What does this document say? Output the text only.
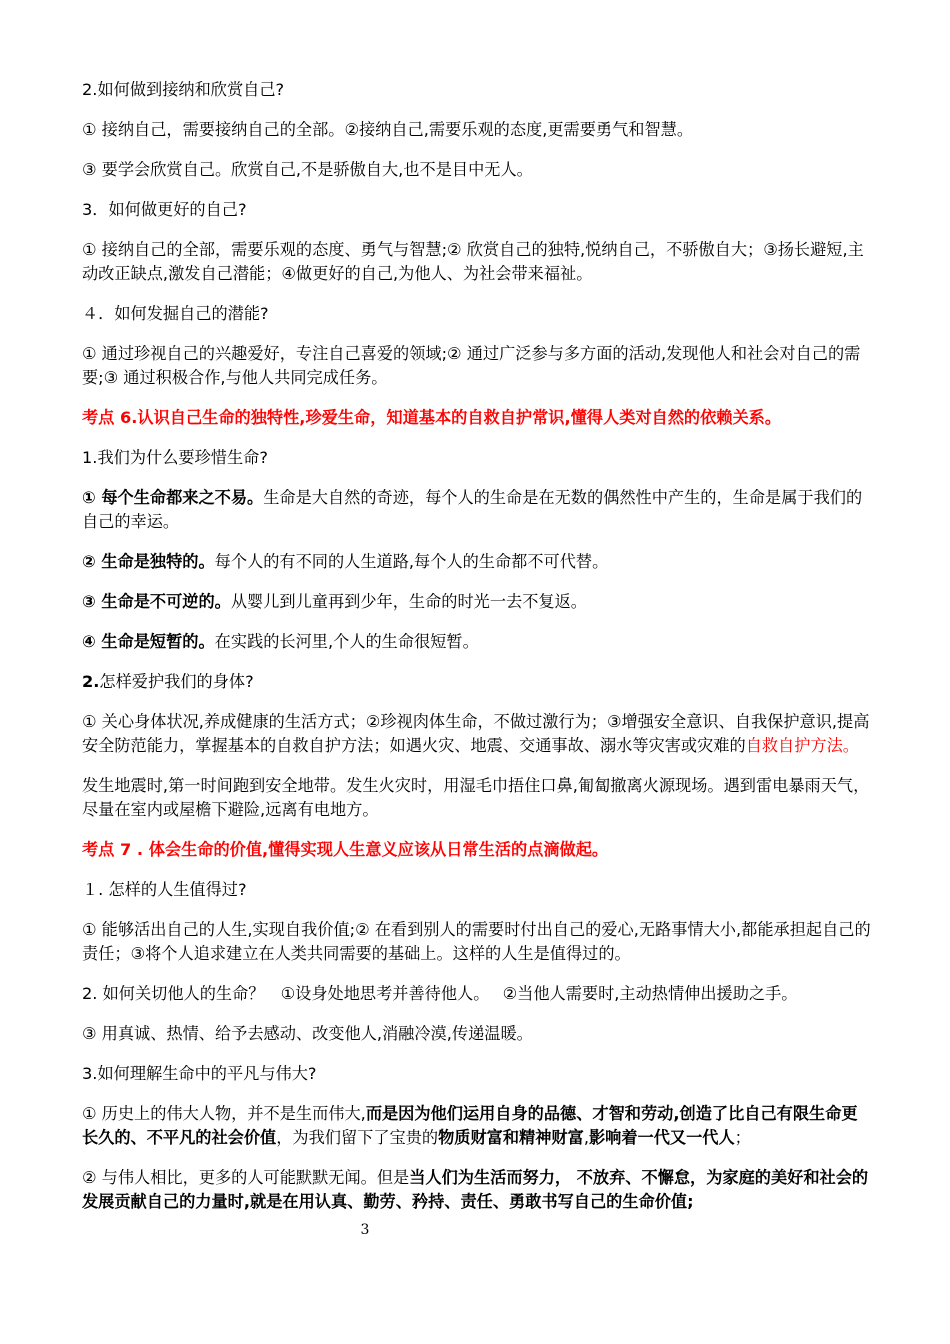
2.如何做到接纳和欣赏自己?

① 接纳自己，需要接纳自己的全部。②接纳自己,需要乐观的态度,更需要勇气和智慧。

③ 要学会欣赏自己。欣赏自己,不是骄傲自大,也不是目中无人。

3．如何做更好的自己?

① 接纳自己的全部，需要乐观的态度、勇气与智慧;② 欣赏自己的独特,悦纳自己，不骄傲自大；③扬长避短,主动改正缺点,激发自己潜能；④做更好的自己,为他人、为社会带来福祉。

４．如何发掘自己的潜能?

① 通过珍视自己的兴趣爱好，专注自己喜爱的领域;② 通过广泛参与多方面的活动,发现他人和社会对自己的需要;③ 通过积极合作,与他人共同完成任务。

考点 6.认识自己生命的独特性,珍爱生命，知道基本的自救自护常识,懂得人类对自然的依赖关系。

1.我们为什么要珍惜生命?

① 每个生命都来之不易。生命是大自然的奇迹，每个人的生命是在无数的偶然性中产生的，生命是属于我们的自己的幸运。

② 生命是独特的。每个人的有不同的人生道路,每个人的生命都不可代替。

③ 生命是不可逆的。从婴儿到儿童再到少年，生命的时光一去不复返。

④ 生命是短暂的。在实践的长河里,个人的生命很短暂。

2.怎样爱护我们的身体?

① 关心身体状况,养成健康的生活方式；②珍视肉体生命，不做过激行为；③增强安全意识、自我保护意识,提高安全防范能力，掌握基本的自救自护方法；如遇火灾、地震、交通事故、溺水等灾害或灾难的自救自护方法。

发生地震时,第一时间跑到安全地带。发生火灾时，用湿毛巾捂住口鼻,匍匐撤离火源现场。遇到雷电暴雨天气，尽量在室内或屋檐下避险,远离有电地方。

考点 7 . 体会生命的价值,懂得实现人生意义应该从日常生活的点滴做起。

１. 怎样的人生值得过?

① 能够活出自己的人生,实现自我价值;② 在看到别人的需要时付出自己的爱心,无路事情大小,都能承担起自己的责任；③将个人追求建立在人类共同需要的基础上。这样的人生是值得过的。

2. 如何关切他人的生命？　①设身处地思考并善待他人。　 ②当他人需要时,主动热情伸出援助之手。

③ 用真诚、热情、给予去感动、改变他人,消融冷漠,传递温暖。

3.如何理解生命中的平凡与伟大?

① 历史上的伟大人物，并不是生而伟大,而是因为他们运用自身的品德、才智和劳动,创造了比自己有限生命更长久的、不平凡的社会价值，为我们留下了宝贵的物质财富和精神财富,影响着一代又一代人；

② 与伟人相比，更多的人可能默默无闻。但是当人们为生活而努力， 不放弃、不懈怠，为家庭的美好和社会的发展贡献自己的力量时,就是在用认真、勤劳、矜持、责任、勇敢书写自己的生命价值;

3
